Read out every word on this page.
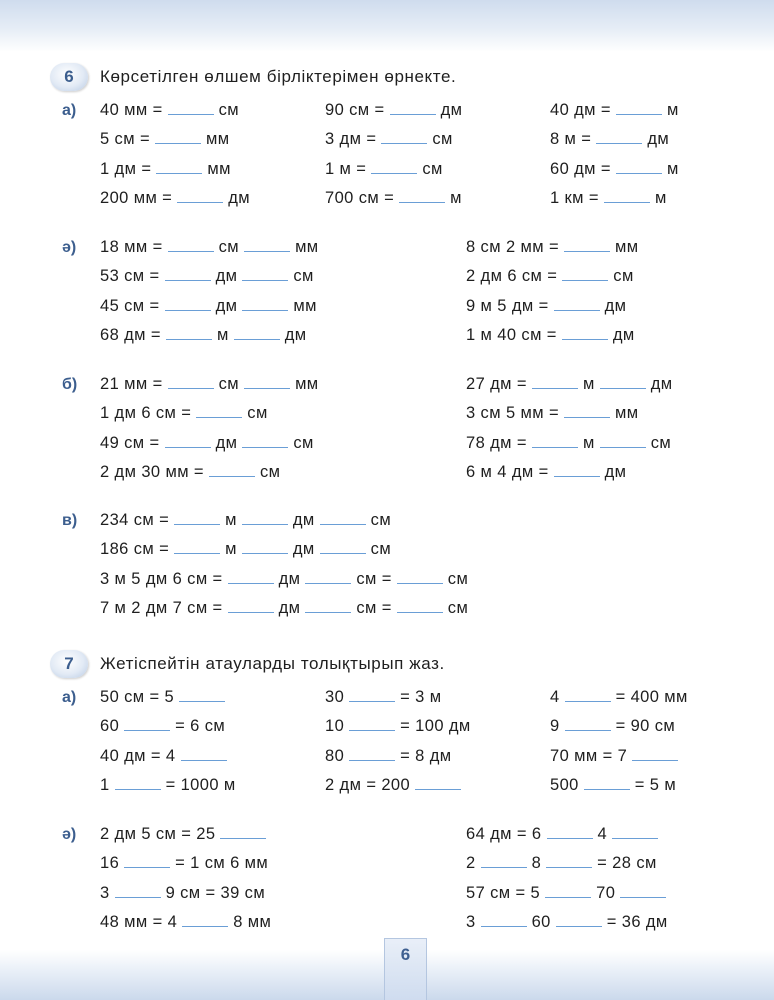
6	Көрсетілген өлшем бірліктерімен өрнекте.
а) 40 мм =	см	90 см =	дм	40 дм =	м
5 см =	мм	3 дм =	см	8 м =	дм
1 дм =	мм	1 м =	см	60 дм =	м
200 мм =	дм	700 см =	м	1 км =	м
ә) 18 мм =	см	мм	8 см 2 мм =	мм
53 см =	дм	см	2 дм 6 см =	см
45 см =	дм	мм	9 м 5 дм =	дм
68 дм =	м	дм	1 м 40 см =	дм
б) 21 мм =	см	мм	27 дм =	м	дм
1 дм 6 см =	см	3 см 5 мм =	мм
49 см =	дм	см	78 дм =	м	см
2 дм 30 мм =	см	6 м 4 дм =	дм
в) 234 см =	м	дм	см
186 см =	м	дм	см
3 м 5 дм 6 см =	дм	см =	см
7 м 2 дм 7 см =	дм	см =	см
7	Жетіспейтін атауларды толықтырып жаз.
а) 50 см = 5	30	= 3 м	4	= 400 мм
60	= 6 см	10	= 100 дм	9	= 90 см
40 дм = 4	80	= 8 дм	70 мм = 7
1	= 1000 м	2 дм = 200	500	= 5 м
ә) 2 дм 5 см = 25	64 дм = 6	4
16	= 1 см 6 мм	2	8	= 28 см
3	9 см = 39 см	57 см = 5	70
48 мм = 4	8 мм	3	60	= 36 дм
6
